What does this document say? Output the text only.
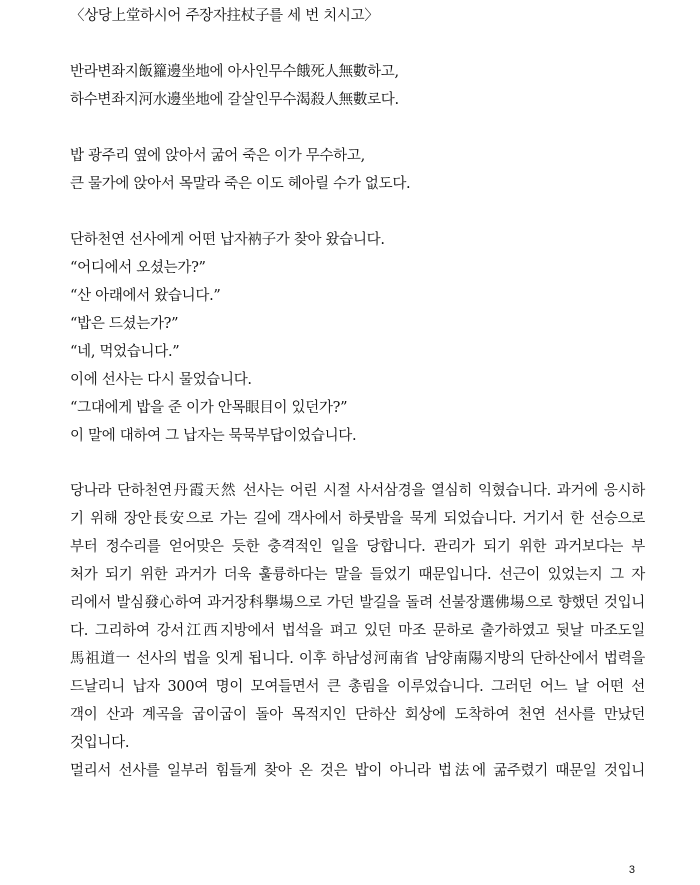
〈상당上堂하시어 주장자拄杖子를 세 번 치시고〉
반라변좌지飯籮邊坐地에 아사인무수餓死人無數하고,
하수변좌지河水邊坐地에 갈살인무수渴殺人無數로다.
밥 광주리 옆에 앉아서 굶어 죽은 이가 무수하고,
큰 물가에 앉아서 목말라 죽은 이도 헤아릴 수가 없도다.
단하천연 선사에게 어떤 납자衲子가 찾아 왔습니다.
“어디에서 오셨는가?”
“산 아래에서 왔습니다.”
“밥은 드셨는가?”
“네, 먹었습니다.”
이에 선사는 다시 물었습니다.
“그대에게 밥을 준 이가 안목眼目이 있던가?”
이 말에 대하여 그 납자는 묵묵부답이었습니다.
당나라 단하천연丹霞天然 선사는 어린 시절 사서삼경을 열심히 익혔습니다. 과거에 응시하
기 위해 장안長安으로 가는 길에 객사에서 하룻밤을 묵게 되었습니다. 거기서 한 선승으로
부터 정수리를 얻어맞은 듯한 충격적인 일을 당합니다. 관리가 되기 위한 과거보다는 부
처가 되기 위한 과거가 더욱 훌륭하다는 말을 들었기 때문입니다. 선근이 있었는지 그 자
리에서 발심發心하여 과거장科擧場으로 가던 발길을 돌려 선불장選佛場으로 향했던 것입니
다. 그리하여 강서江西지방에서 법석을 펴고 있던 마조 문하로 출가하였고 뒷날 마조도일
馬祖道一 선사의 법을 잇게 됩니다. 이후 하남성河南省 남양南陽지방의 단하산에서 법력을
드날리니 납자 300여 명이 모여들면서 큰 총림을 이루었습니다. 그러던 어느 날 어떤 선
객이 산과 계곡을 굽이굽이 돌아 목적지인 단하산 회상에 도착하여 천연 선사를 만났던
것입니다.
멀리서 선사를 일부러 힘들게 찾아 온 것은 밥이 아니라 법法에 굶주렸기 때문일 것입니
3
